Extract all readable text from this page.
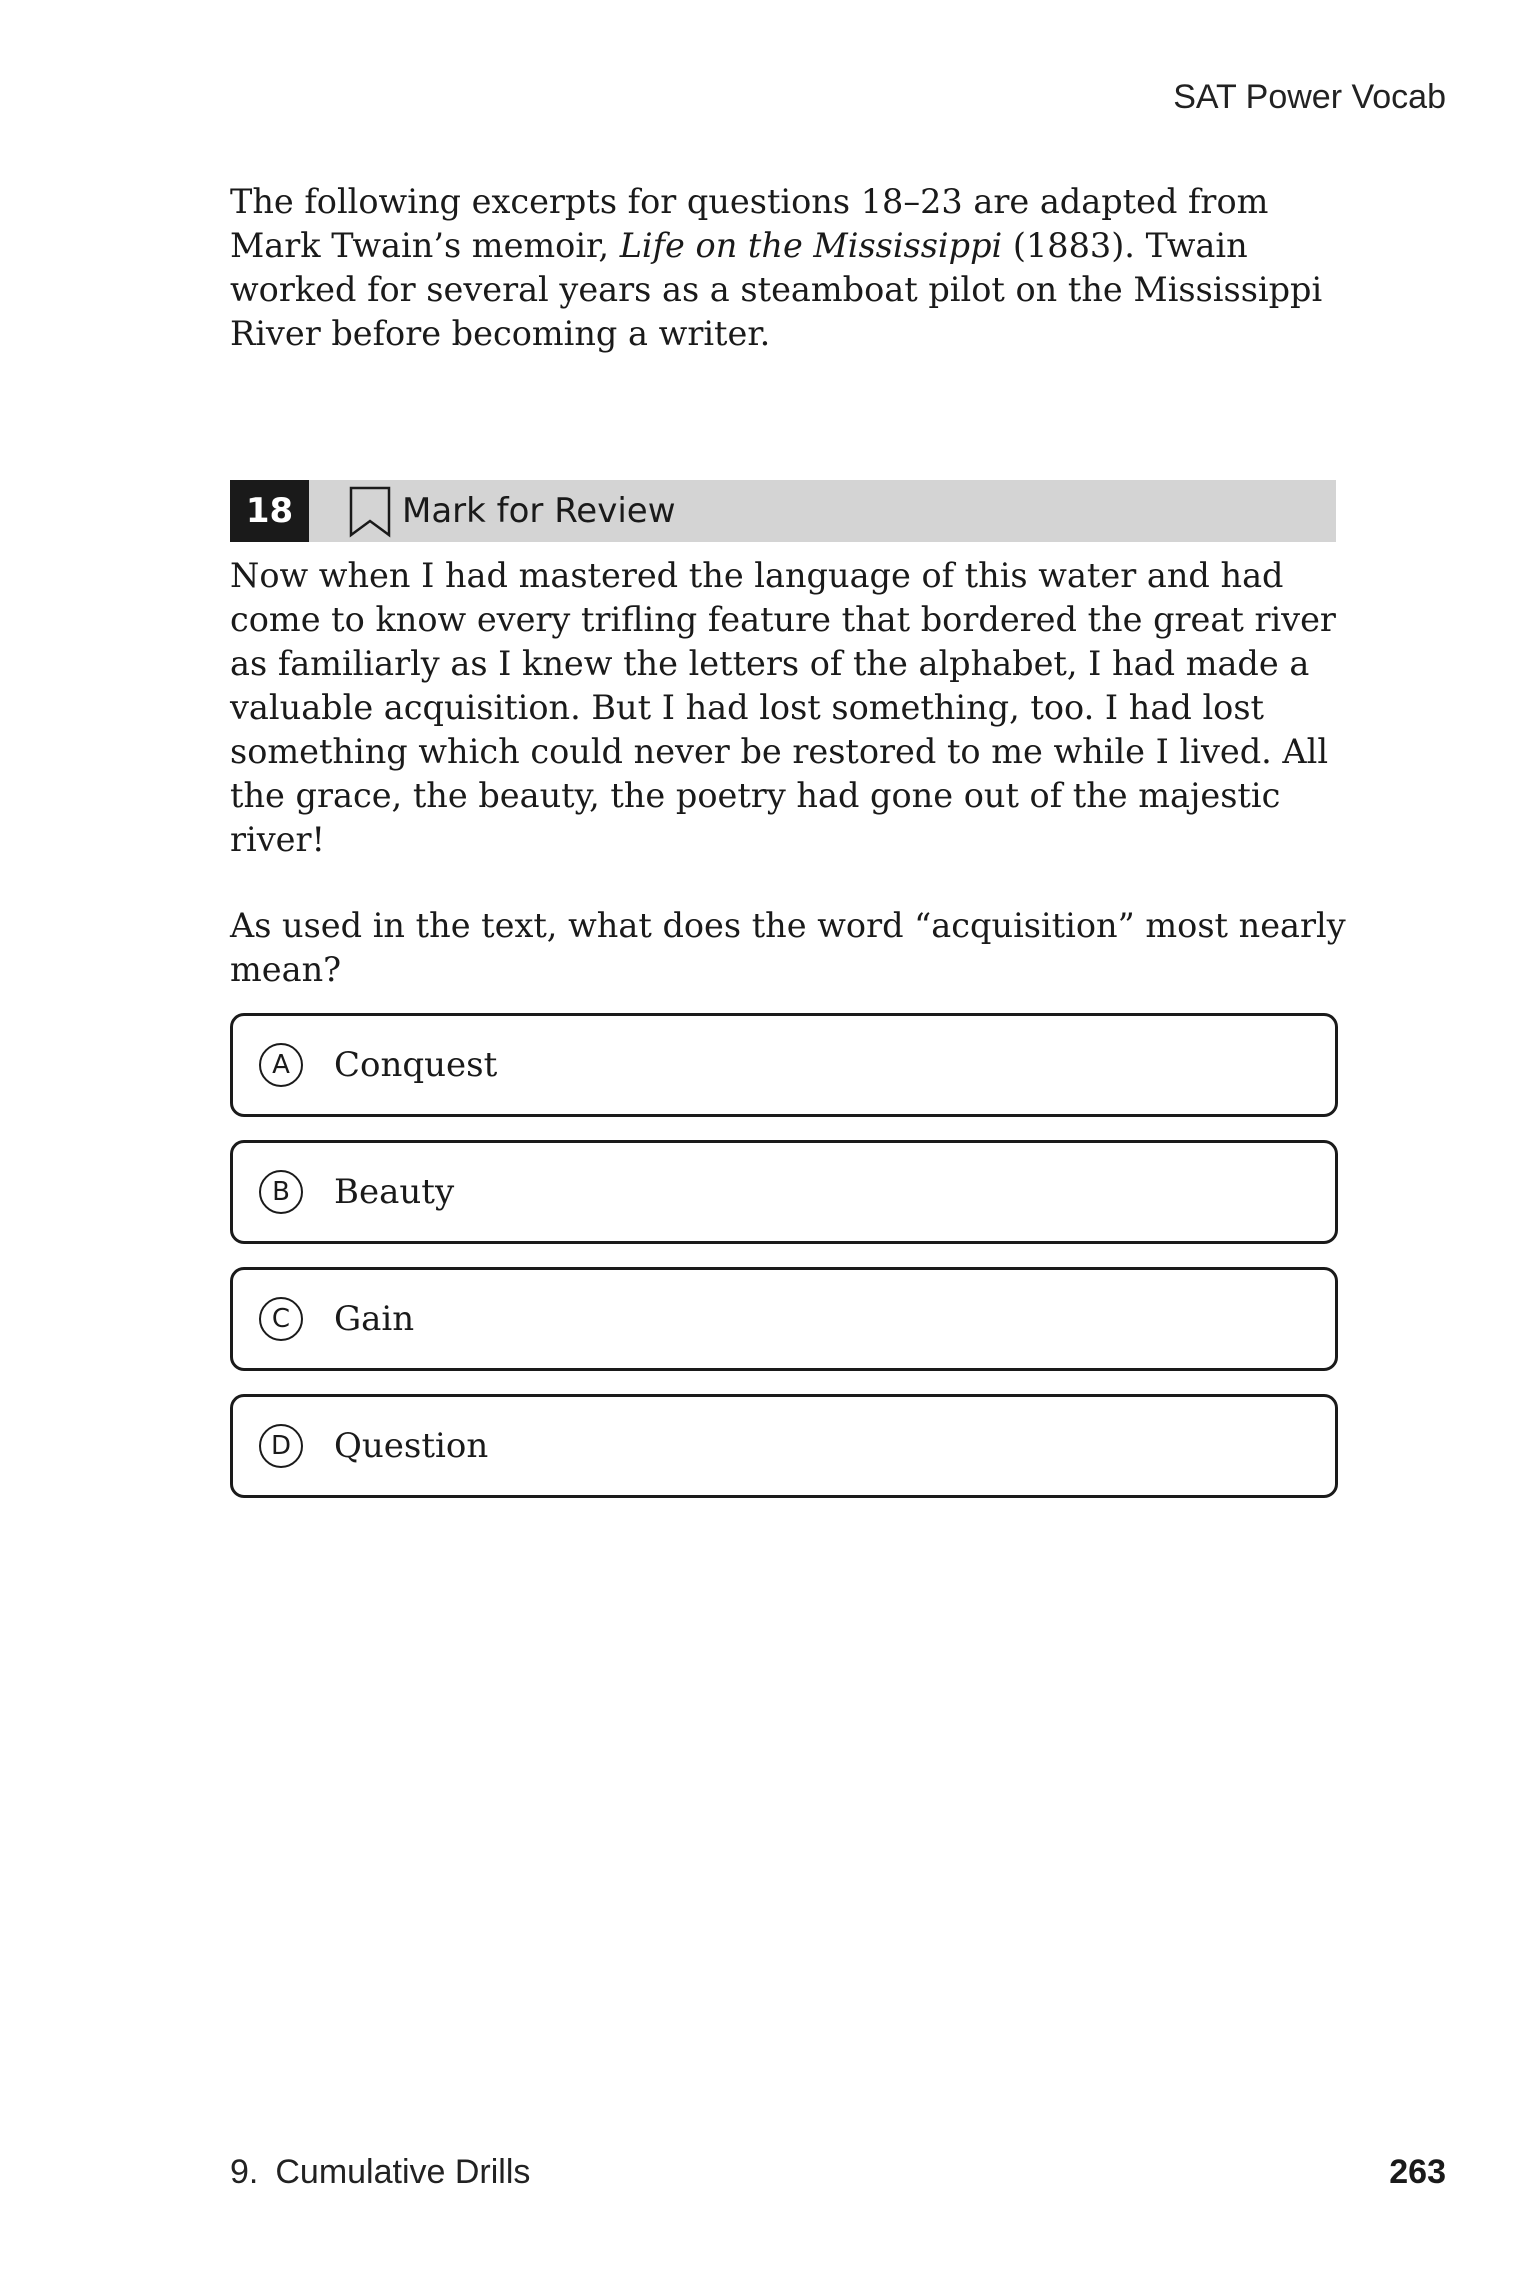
SAT Power Vocab

The following excerpts for questions 18–23 are adapted from Mark Twain’s memoir, Life on the Mississippi (1883). Twain worked for several years as a steamboat pilot on the Mississippi River before becoming a writer.

18	Mark for Review

Now when I had mastered the language of this water and had come to know every trifling feature that bordered the great river as familiarly as I knew the letters of the alphabet, I had made a valuable acquisition. But I had lost something, too. I had lost something which could never be restored to me while I lived. All the grace, the beauty, the poetry had gone out of the majestic river!

As used in the text, what does the word “acquisition” most nearly mean?

A	Conquest
B	Beauty
C	Gain
D	Question
9. Cumulative Drills	263
